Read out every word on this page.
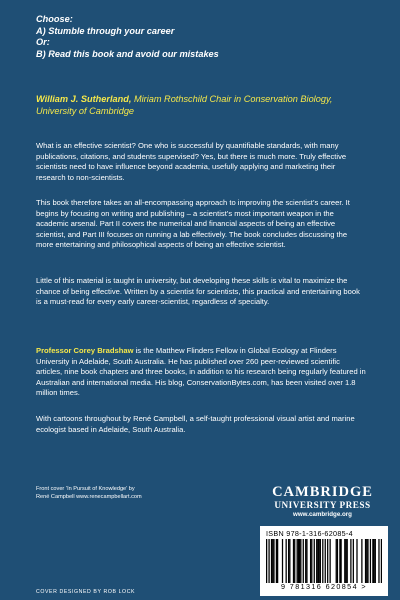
Choose:
A) Stumble through your career
Or:
B) Read this book and avoid our mistakes
William J. Sutherland, Miriam Rothschild Chair in Conservation Biology, University of Cambridge

What is an effective scientist? One who is successful by quantifiable standards, with many publications, citations, and students supervised? Yes, but there is much more. Truly effective scientists need to have influence beyond academia, usefully applying and marketing their research to non-scientists.

This book therefore takes an all-encompassing approach to improving the scientist’s career. It begins by focusing on writing and publishing – a scientist’s most important weapon in the academic arsenal. Part II covers the numerical and financial aspects of being an effective scientist, and Part III focuses on running a lab effectively. The book concludes discussing the more entertaining and philosophical aspects of being an effective scientist.

Little of this material is taught in university, but developing these skills is vital to maximize the chance of being effective. Written by a scientist for scientists, this practical and entertaining book is a must-read for every early career-scientist, regardless of specialty.

Professor Corey Bradshaw is the Matthew Flinders Fellow in Global Ecology at Flinders University in Adelaide, South Australia. He has published over 260 peer-reviewed scientific articles, nine book chapters and three books, in addition to his research being regularly featured in Australian and international media. His blog, ConservationBytes.com, has been visited over 1.8 million times.

With cartoons throughout by René Campbell, a self-taught professional visual artist and marine ecologist based in Adelaide, South Australia.

Front cover ‘In Pursuit of Knowledge’ by
René Campbell www.renecampbellart.com
COVER DESIGNED BY ROB LOCK
CAMBRIDGE
UNIVERSITY PRESS
www.cambridge.org
ISBN 978-1-316-62085-4
9 781316 620854 >
